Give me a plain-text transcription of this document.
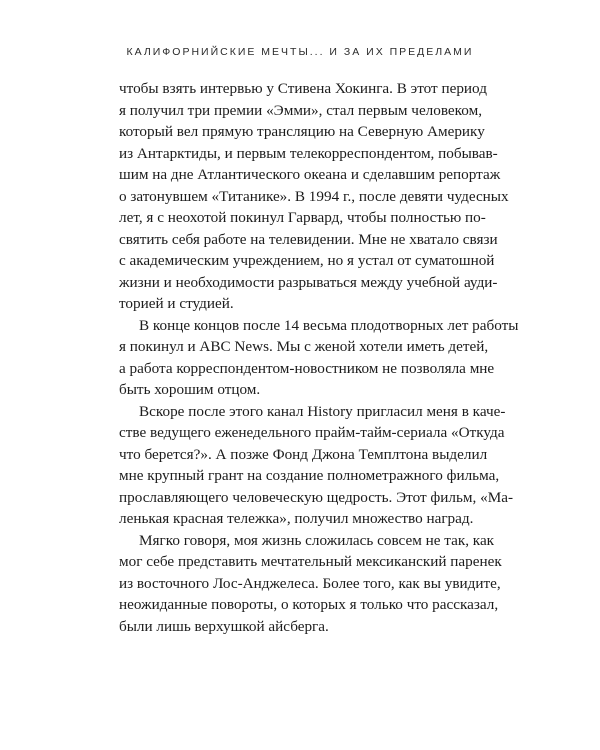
КАЛИФОРНИЙСКИЕ МЕЧТЫ... И ЗА ИХ ПРЕДЕЛАМИ
чтобы взять интервью у Стивена Хокинга. В этот период
я получил три премии «Эмми», стал первым человеком,
который вел прямую трансляцию на Северную Америку
из Антарктиды, и первым телекорреспондентом, побывав-
шим на дне Атлантического океана и сделавшим репортаж
о затонувшем «Титанике». В 1994 г., после девяти чудесных
лет, я с неохотой покинул Гарвард, чтобы полностью по-
святить себя работе на телевидении. Мне не хватало связи
с академическим учреждением, но я устал от суматошной
жизни и необходимости разрываться между учебной ауди-
торией и студией.
В конце концов после 14 весьма плодотворных лет работы
я покинул и ABC News. Мы с женой хотели иметь детей,
а работа корреспондентом-новостником не позволяла мне
быть хорошим отцом.
Вскоре после этого канал History пригласил меня в каче-
стве ведущего еженедельного прайм-тайм-сериала «Откуда
что берется?». А позже Фонд Джона Темплтона выделил
мне крупный грант на создание полнометражного фильма,
прославляющего человеческую щедрость. Этот фильм, «Ма-
ленькая красная тележка», получил множество наград.
Мягко говоря, моя жизнь сложилась совсем не так, как
мог себе представить мечтательный мексиканский паренек
из восточного Лос-Анджелеса. Более того, как вы увидите,
неожиданные повороты, о которых я только что рассказал,
были лишь верхушкой айсберга.
